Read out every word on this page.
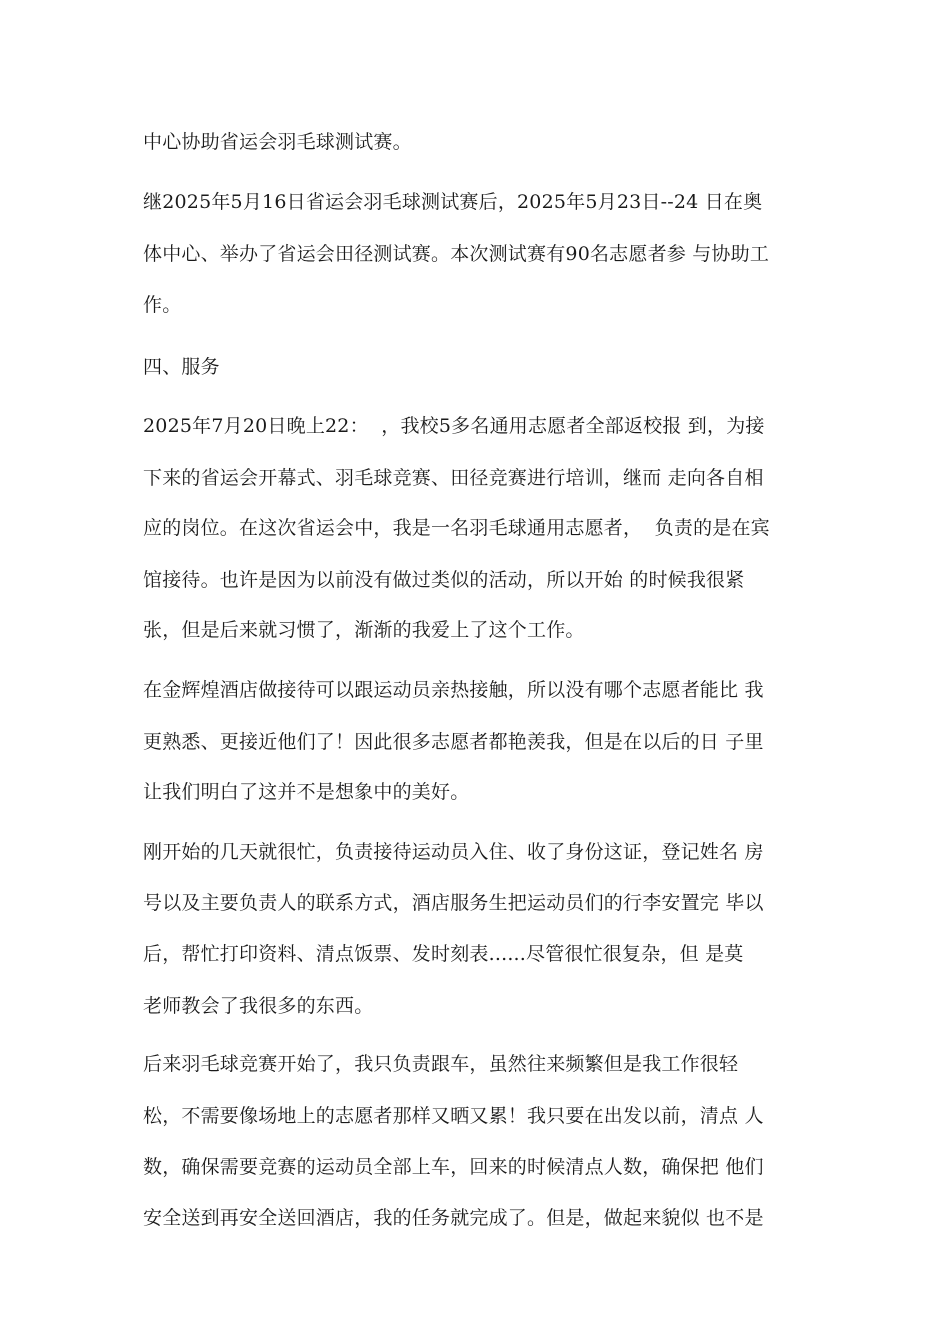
中心协助省运会羽毛球测试赛。
继2025年5月16日省运会羽毛球测试赛后，2025年5月23日--24 日在奥
体中心、举办了省运会田径测试赛。本次测试赛有90名志愿者参 与协助工
作。
四、服务
2025年7月20日晚上22：  ，我校5多名通用志愿者全部返校报 到，为接
下来的省运会开幕式、羽毛球竞赛、田径竞赛进行培训，继而 走向各自相
应的岗位。在这次省运会中，我是一名羽毛球通用志愿者，  负责的是在宾
馆接待。也许是因为以前没有做过类似的活动，所以开始 的时候我很紧
张，但是后来就习惯了，渐渐的我爱上了这个工作。
在金辉煌酒店做接待可以跟运动员亲热接触，所以没有哪个志愿者能比 我
更熟悉、更接近他们了！因此很多志愿者都艳羡我，但是在以后的日 子里
让我们明白了这并不是想象中的美好。
刚开始的几天就很忙，负责接待运动员入住、收了身份这证，登记姓名 房
号以及主要负责人的联系方式，酒店服务生把运动员们的行李安置完 毕以
后，帮忙打印资料、清点饭票、发时刻表......尽管很忙很复杂，但 是莫
老师教会了我很多的东西。
后来羽毛球竞赛开始了，我只负责跟车，虽然往来频繁但是我工作很轻
松，不需要像场地上的志愿者那样又晒又累！我只要在出发以前，清点 人
数，确保需要竞赛的运动员全部上车，回来的时候清点人数，确保把 他们
安全送到再安全送回酒店，我的任务就完成了。但是，做起来貌似 也不是
